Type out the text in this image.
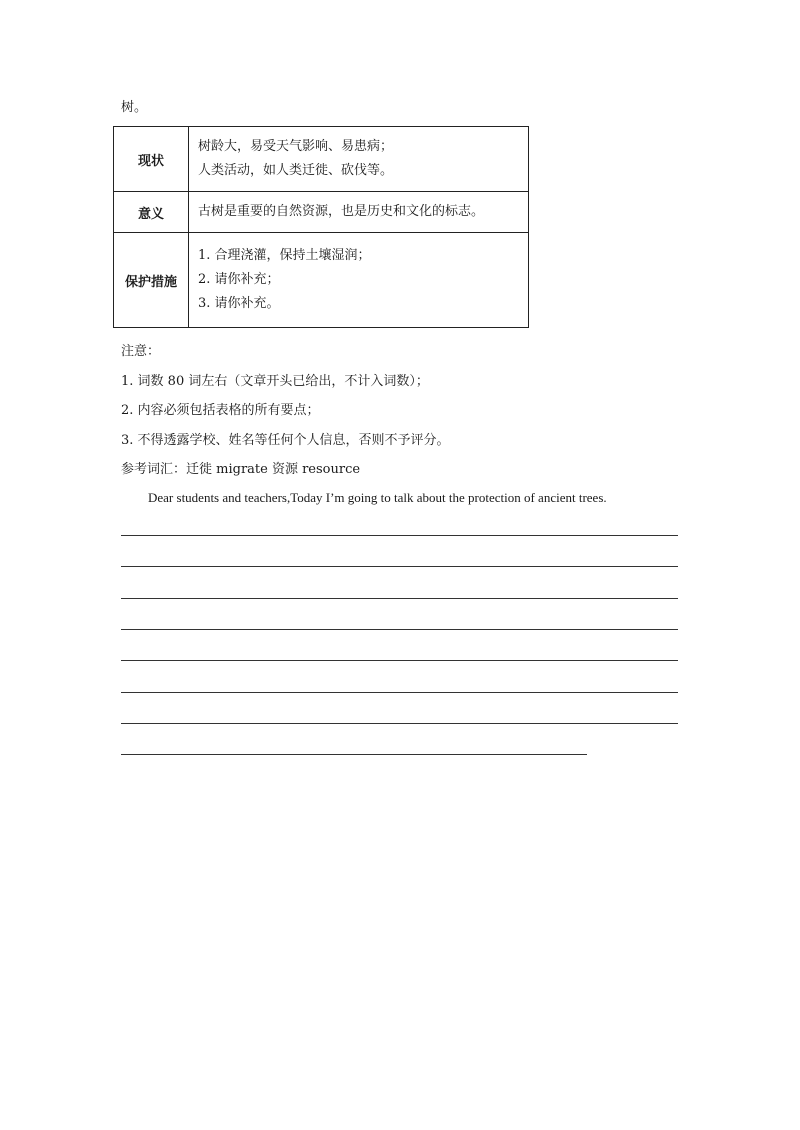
树。
现状	树龄大，易受天气影响、易患病；
人类活动，如人类迁徙、砍伐等。

意义	古树是重要的自然资源，也是历史和文化的标志。

保护措施	1. 合理浇灌，保持土壤湿润；
2. 请你补充；
3. 请你补充。
注意：
1. 词数 80 词左右（文章开头已给出，不计入词数）；
2. 内容必须包括表格的所有要点；
3. 不得透露学校、姓名等任何个人信息，否则不予评分。
参考词汇：迁徙 migrate 资源 resource
Dear students and teachers,Today I’m going to talk about the protection of ancient trees.
